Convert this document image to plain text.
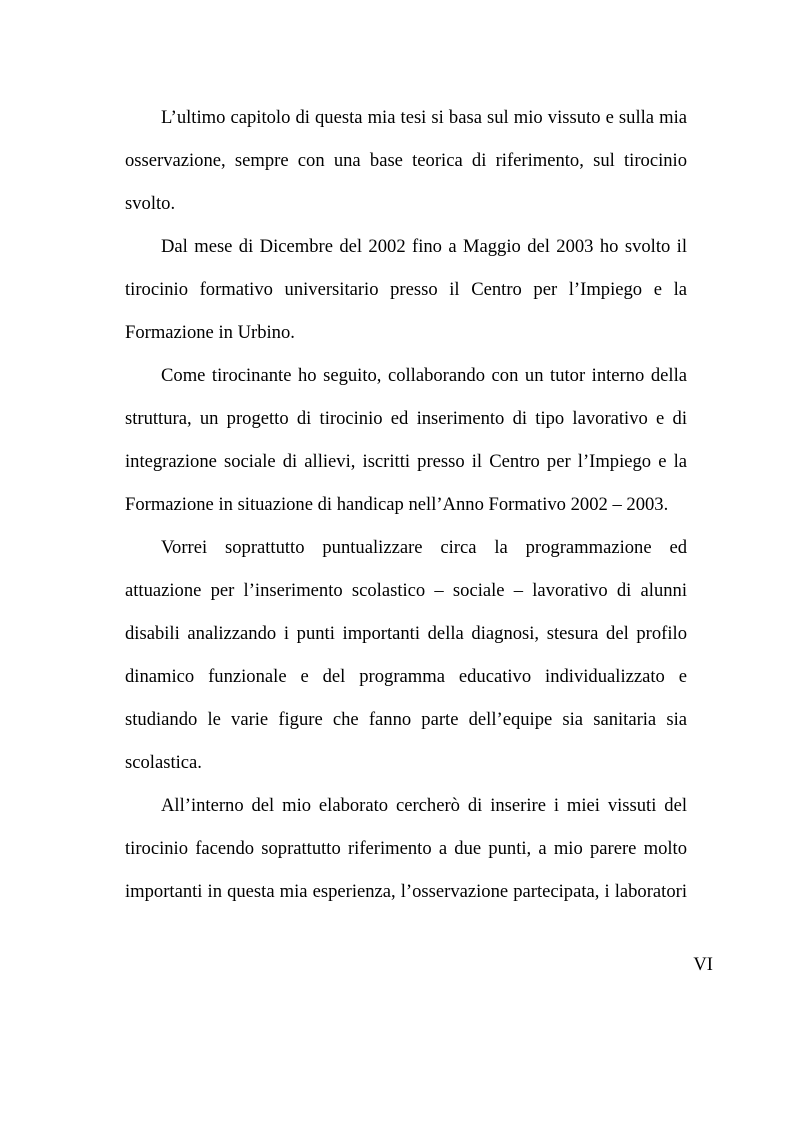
L’ultimo capitolo di questa mia tesi si basa sul mio vissuto e sulla mia

osservazione, sempre con una base teorica di riferimento, sul tirocinio

svolto.

Dal mese di Dicembre del 2002 fino a Maggio del 2003 ho svolto il

tirocinio formativo universitario presso il Centro per l’Impiego e la

Formazione in Urbino.

Come tirocinante ho seguito, collaborando con un tutor interno della

struttura, un progetto di tirocinio ed inserimento di tipo lavorativo e di

integrazione sociale di allievi, iscritti presso il Centro per l’Impiego e la

Formazione in situazione di handicap nell’Anno Formativo 2002 – 2003.

Vorrei soprattutto puntualizzare circa la programmazione ed

attuazione per l’inserimento scolastico – sociale – lavorativo di alunni

disabili analizzando i punti importanti della diagnosi, stesura del profilo

dinamico funzionale e del programma educativo individualizzato e

studiando le varie figure che fanno parte dell’equipe sia sanitaria sia

scolastica.

All’interno del mio elaborato cercherò di inserire i miei vissuti del

tirocinio facendo soprattutto riferimento a due punti, a mio parere molto

importanti in questa mia esperienza, l’osservazione partecipata, i laboratori

VI
